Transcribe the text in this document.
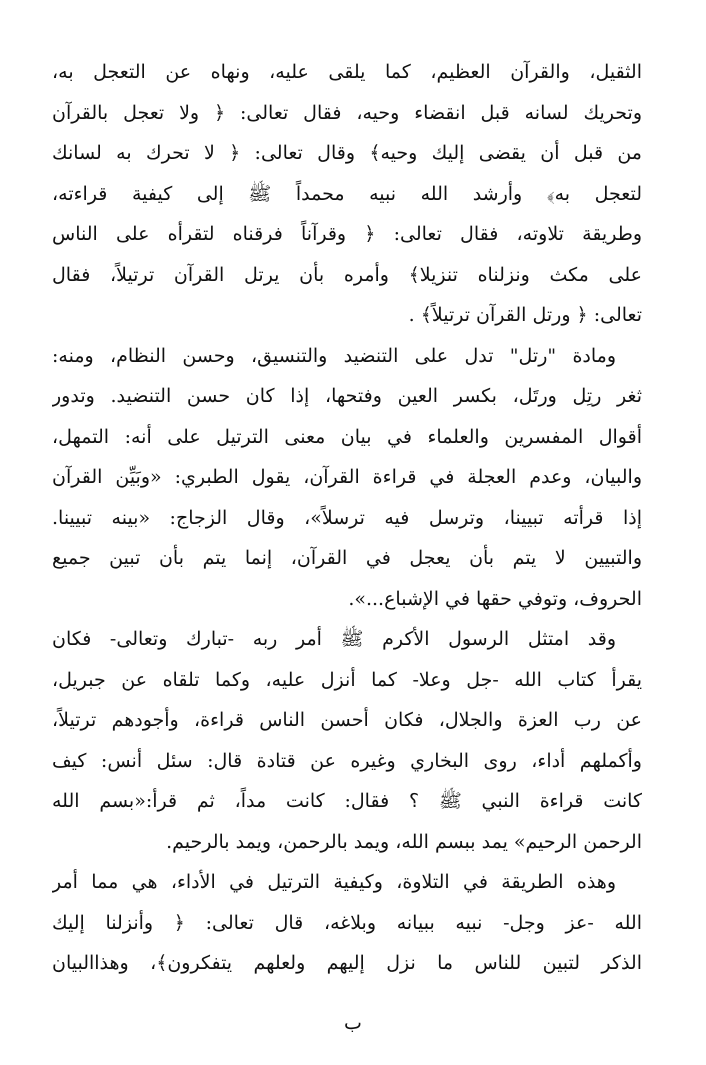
الثقيل، والقرآن العظيم، كما يلقى عليه، ونهاه عن التعجل به،
وتحريك لسانه قبل انقضاء وحيه، فقال تعالى: ﴿ ولا تعجل بالقرآن
من قبل أن يقضى إليك وحيه﴾ وقال تعالى: ﴿ لا تحرك به لسانك
لتعجل به﴾ وأرشد الله نبيه محمداً ﷺ إلى كيفية قراءته،
وطريقة تلاوته، فقال تعالى: ﴿ وقرآناً فرقناه لتقرأه على الناس
على مكث ونزلناه تنزيلا﴾ وأمره بأن يرتل القرآن ترتيلاً، فقال
تعالى: ﴿ ورتل القرآن ترتيلاً﴾ .
ومادة "رتل" تدل على التنضيد والتنسيق، وحسن النظام، ومنه:
ثغر رتِل ورتَل، بكسر العين وفتحها، إذا كان حسن التنضيد. وتدور
أقوال المفسرين والعلماء في بيان معنى الترتيل على أنه: التمهل،
والبيان، وعدم العجلة في قراءة القرآن، يقول الطبري: «وبَيِّن القرآن
إذا قرأته تبيينا، وترسل فيه ترسلاً»، وقال الزجاج: «بينه تبيينا.
والتبيين لا يتم بأن يعجل في القرآن، إنما يتم بأن تبين جميع
الحروف، وتوفي حقها في الإشباع...».
وقد امتثل الرسول الأكرم ﷺ أمر ربه -تبارك وتعالى- فكان
يقرأ كتاب الله -جل وعلا- كما أنزل عليه، وكما تلقاه عن جبريل،
عن رب العزة والجلال، فكان أحسن الناس قراءة، وأجودهم ترتيلاً،
وأكملهم أداء، روى البخاري وغيره عن قتادة قال: سئل أنس: كيف
كانت قراءة النبي ﷺ ؟ فقال: كانت مداً، ثم قرأ:«بسم الله
الرحمن الرحيم» يمد ببسم الله، ويمد بالرحمن، ويمد بالرحيم.
وهذه الطريقة في التلاوة، وكيفية الترتيل في الأداء، هي مما أمر
الله -عز وجل- نبيه ببيانه وبلاغه، قال تعالى: ﴿ وأنزلنا إليك
الذكر لتبين للناس ما نزل إليهم ولعلهم يتفكرون﴾، وهذاالبيان
ب
